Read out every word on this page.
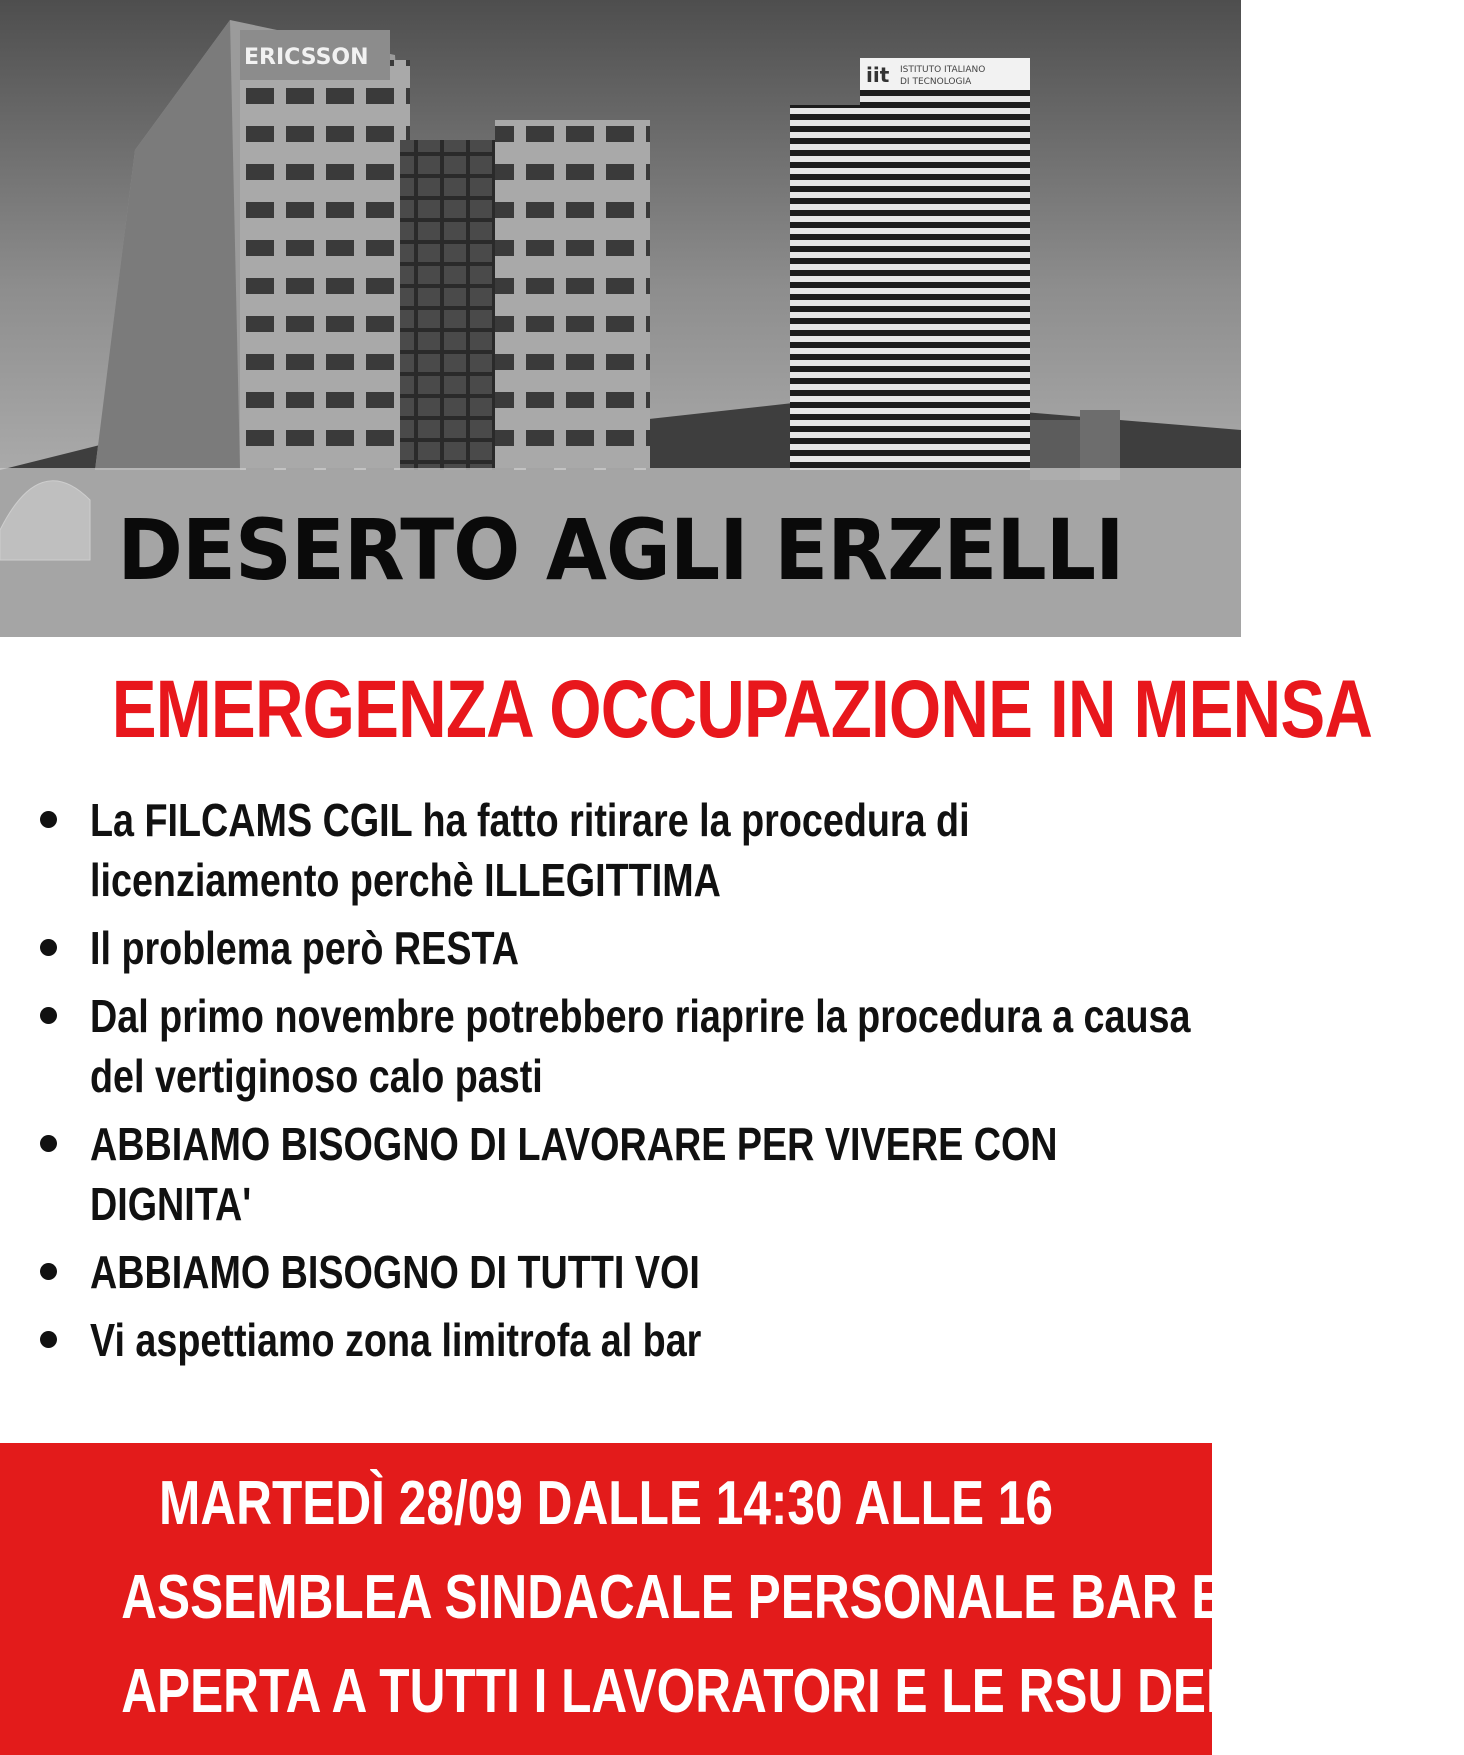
ERICSSON
iit ISTITUTO ITALIANO
DI TECNOLOGIA
DESERTO AGLI ERZELLI
EMERGENZA OCCUPAZIONE IN MENSA
La FILCAMS CGIL ha fatto ritirare la procedura di licenziamento perchè ILLEGITTIMA
Il problema però RESTA
Dal primo novembre potrebbero riaprire la procedura a causa del vertiginoso calo pasti
ABBIAMO BISOGNO DI LAVORARE PER VIVERE CON DIGNITA'
ABBIAMO BISOGNO DI TUTTI VOI
Vi aspettiamo zona limitrofa al bar
MARTEDÌ 28/09 DALLE 14:30 ALLE 16
ASSEMBLEA SINDACALE PERSONALE BAR E MENSA
APERTA A TUTTI I LAVORATORI E LE RSU DEL POLO
